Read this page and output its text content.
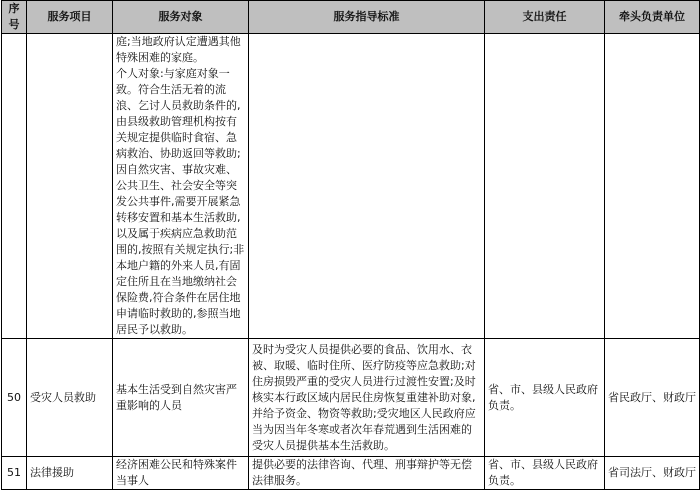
序号	服务项目	服务对象	服务指导标准	支出责任	牵头负责单位

		庭;当地政府认定遭遇其他特殊困难的家庭。
个人对象:与家庭对象一致。符合生活无着的流浪、乞讨人员救助条件的,由县级救助管理机构按有关规定提供临时食宿、急病救治、协助返回等救助;因自然灾害、事故灾难、公共卫生、社会安全等突发公共事件,需要开展紧急转移安置和基本生活救助,以及属于疾病应急救助范围的,按照有关规定执行;非本地户籍的外来人员,有固定住所且在当地缴纳社会保险费,符合条件在居住地申请临时救助的,参照当地居民予以救助。			

50	受灾人员救助	基本生活受到自然灾害严重影响的人员	及时为受灾人员提供必要的食品、饮用水、衣被、取暖、临时住所、医疗防疫等应急救助;对住房损毁严重的受灾人员进行过渡性安置;及时核实本行政区域内居民住房恢复重建补助对象,并给予资金、物资等救助;受灾地区人民政府应当为因当年冬寒或者次年春荒遇到生活困难的受灾人员提供基本生活救助。	省、市、县级人民政府负责。	省民政厅、财政厅
51	法律援助	经济困难公民和特殊案件当事人	提供必要的法律咨询、代理、刑事辩护等无偿法律服务。	省、市、县级人民政府负责。	省司法厅、财政厅
